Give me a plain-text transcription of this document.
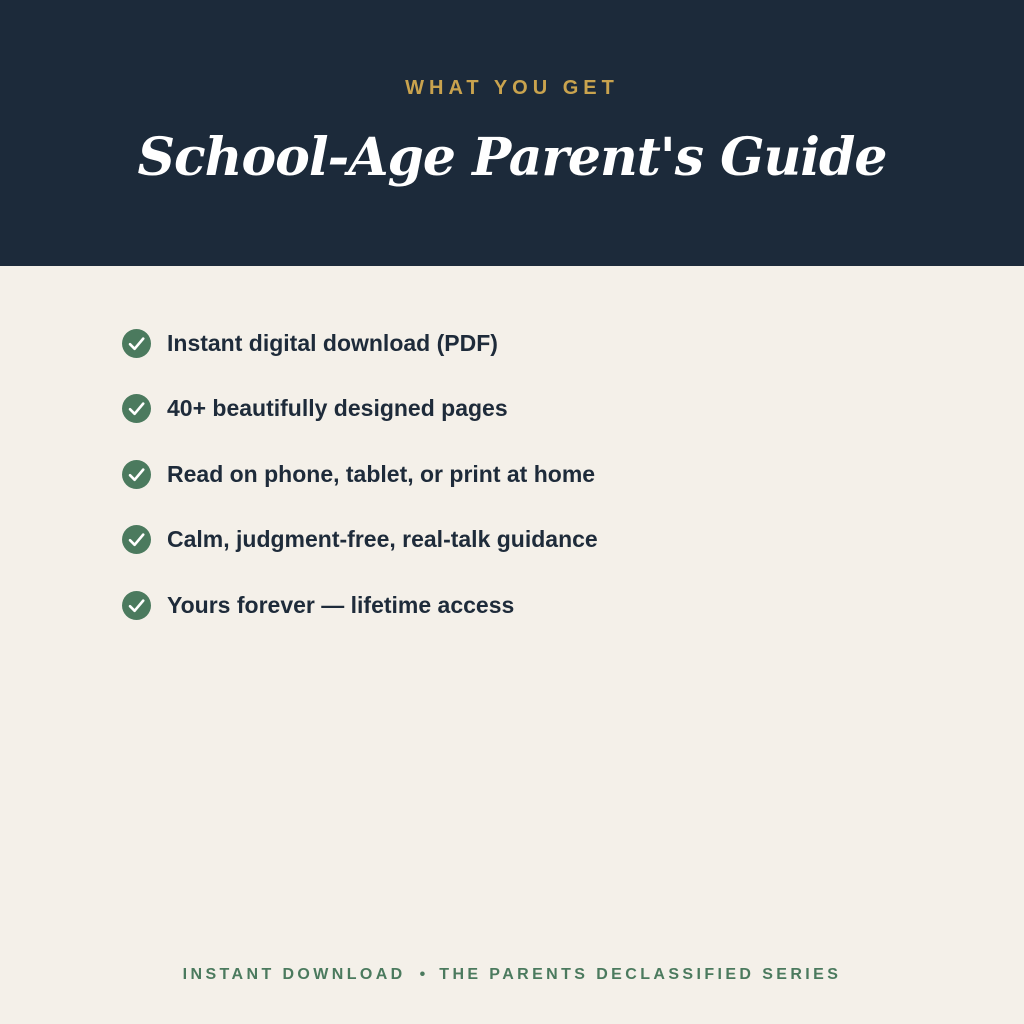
WHAT YOU GET
School-Age Parent's Guide
Instant digital download (PDF)
40+ beautifully designed pages
Read on phone, tablet, or print at home
Calm, judgment-free, real-talk guidance
Yours forever — lifetime access
INSTANT DOWNLOAD • THE PARENTS DECLASSIFIED SERIES
